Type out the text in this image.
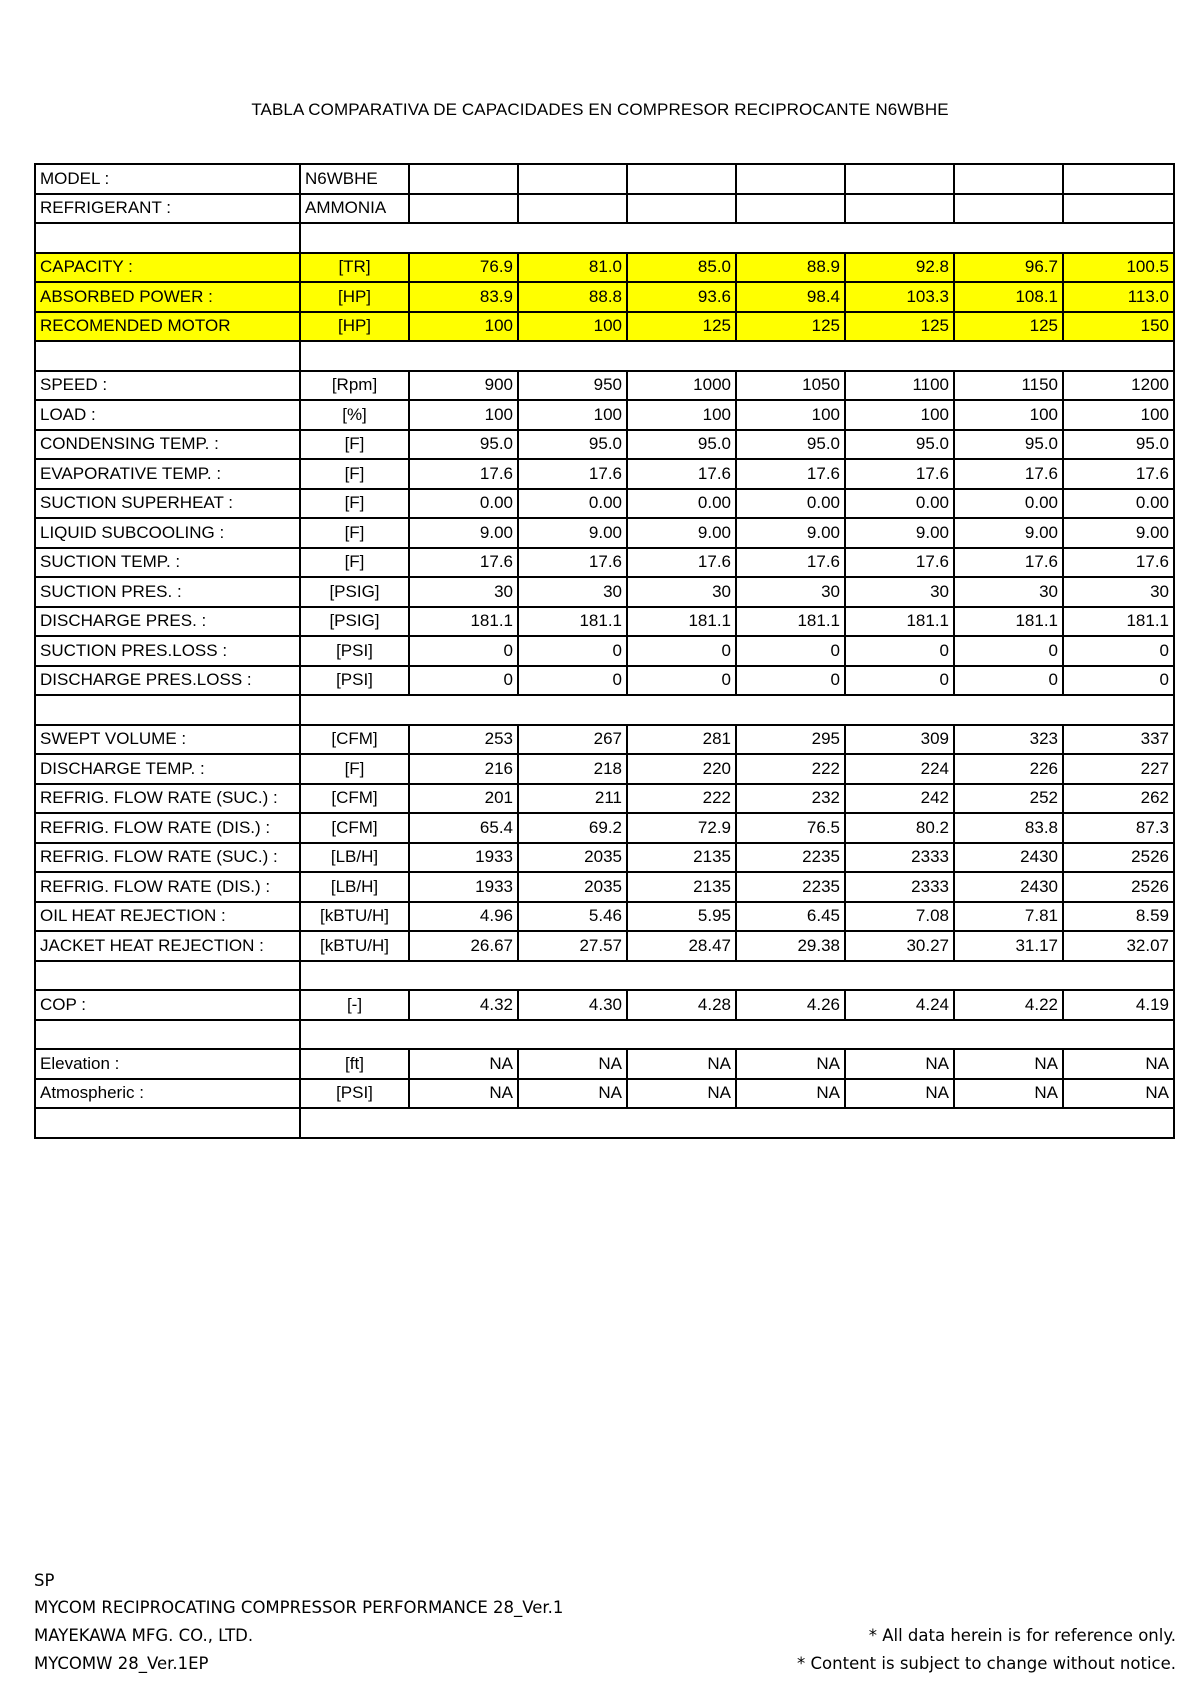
TABLA COMPARATIVA DE CAPACIDADES EN COMPRESOR RECIPROCANTE N6WBHE
MODEL :	N6WBHE							
REFRIGERANT :	AMMONIA							

CAPACITY :	[TR]	76.9	81.0	85.0	88.9	92.8	96.7	100.5
ABSORBED POWER :	[HP]	83.9	88.8	93.6	98.4	103.3	108.1	113.0
RECOMENDED MOTOR	[HP]	100	100	125	125	125	125	150

SPEED :	[Rpm]	900	950	1000	1050	1100	1150	1200
LOAD :	[%]	100	100	100	100	100	100	100
CONDENSING TEMP. :	[F]	95.0	95.0	95.0	95.0	95.0	95.0	95.0
EVAPORATIVE TEMP. :	[F]	17.6	17.6	17.6	17.6	17.6	17.6	17.6
SUCTION SUPERHEAT :	[F]	0.00	0.00	0.00	0.00	0.00	0.00	0.00
LIQUID SUBCOOLING :	[F]	9.00	9.00	9.00	9.00	9.00	9.00	9.00
SUCTION TEMP. :	[F]	17.6	17.6	17.6	17.6	17.6	17.6	17.6
SUCTION PRES. :	[PSIG]	30	30	30	30	30	30	30
DISCHARGE PRES. :	[PSIG]	181.1	181.1	181.1	181.1	181.1	181.1	181.1
SUCTION PRES.LOSS :	[PSI]	0	0	0	0	0	0	0
DISCHARGE PRES.LOSS :	[PSI]	0	0	0	0	0	0	0

SWEPT VOLUME :	[CFM]	253	267	281	295	309	323	337
DISCHARGE TEMP. :	[F]	216	218	220	222	224	226	227
REFRIG. FLOW RATE (SUC.) :	[CFM]	201	211	222	232	242	252	262
REFRIG. FLOW RATE (DIS.) :	[CFM]	65.4	69.2	72.9	76.5	80.2	83.8	87.3
REFRIG. FLOW RATE (SUC.) :	[LB/H]	1933	2035	2135	2235	2333	2430	2526
REFRIG. FLOW RATE (DIS.) :	[LB/H]	1933	2035	2135	2235	2333	2430	2526
OIL HEAT REJECTION :	[kBTU/H]	4.96	5.46	5.95	6.45	7.08	7.81	8.59
JACKET HEAT REJECTION :	[kBTU/H]	26.67	27.57	28.47	29.38	30.27	31.17	32.07

COP :	[-]	4.32	4.30	4.28	4.26	4.24	4.22	4.19

Elevation :	[ft]	NA	NA	NA	NA	NA	NA	NA
Atmospheric :	[PSI]	NA	NA	NA	NA	NA	NA	NA

SP
MYCOM RECIPROCATING COMPRESSOR PERFORMANCE 28_Ver.1
MAYEKAWA MFG. CO., LTD.
MYCOMW 28_Ver.1EP
* All data herein is for reference only.
* Content is subject to change without notice.
